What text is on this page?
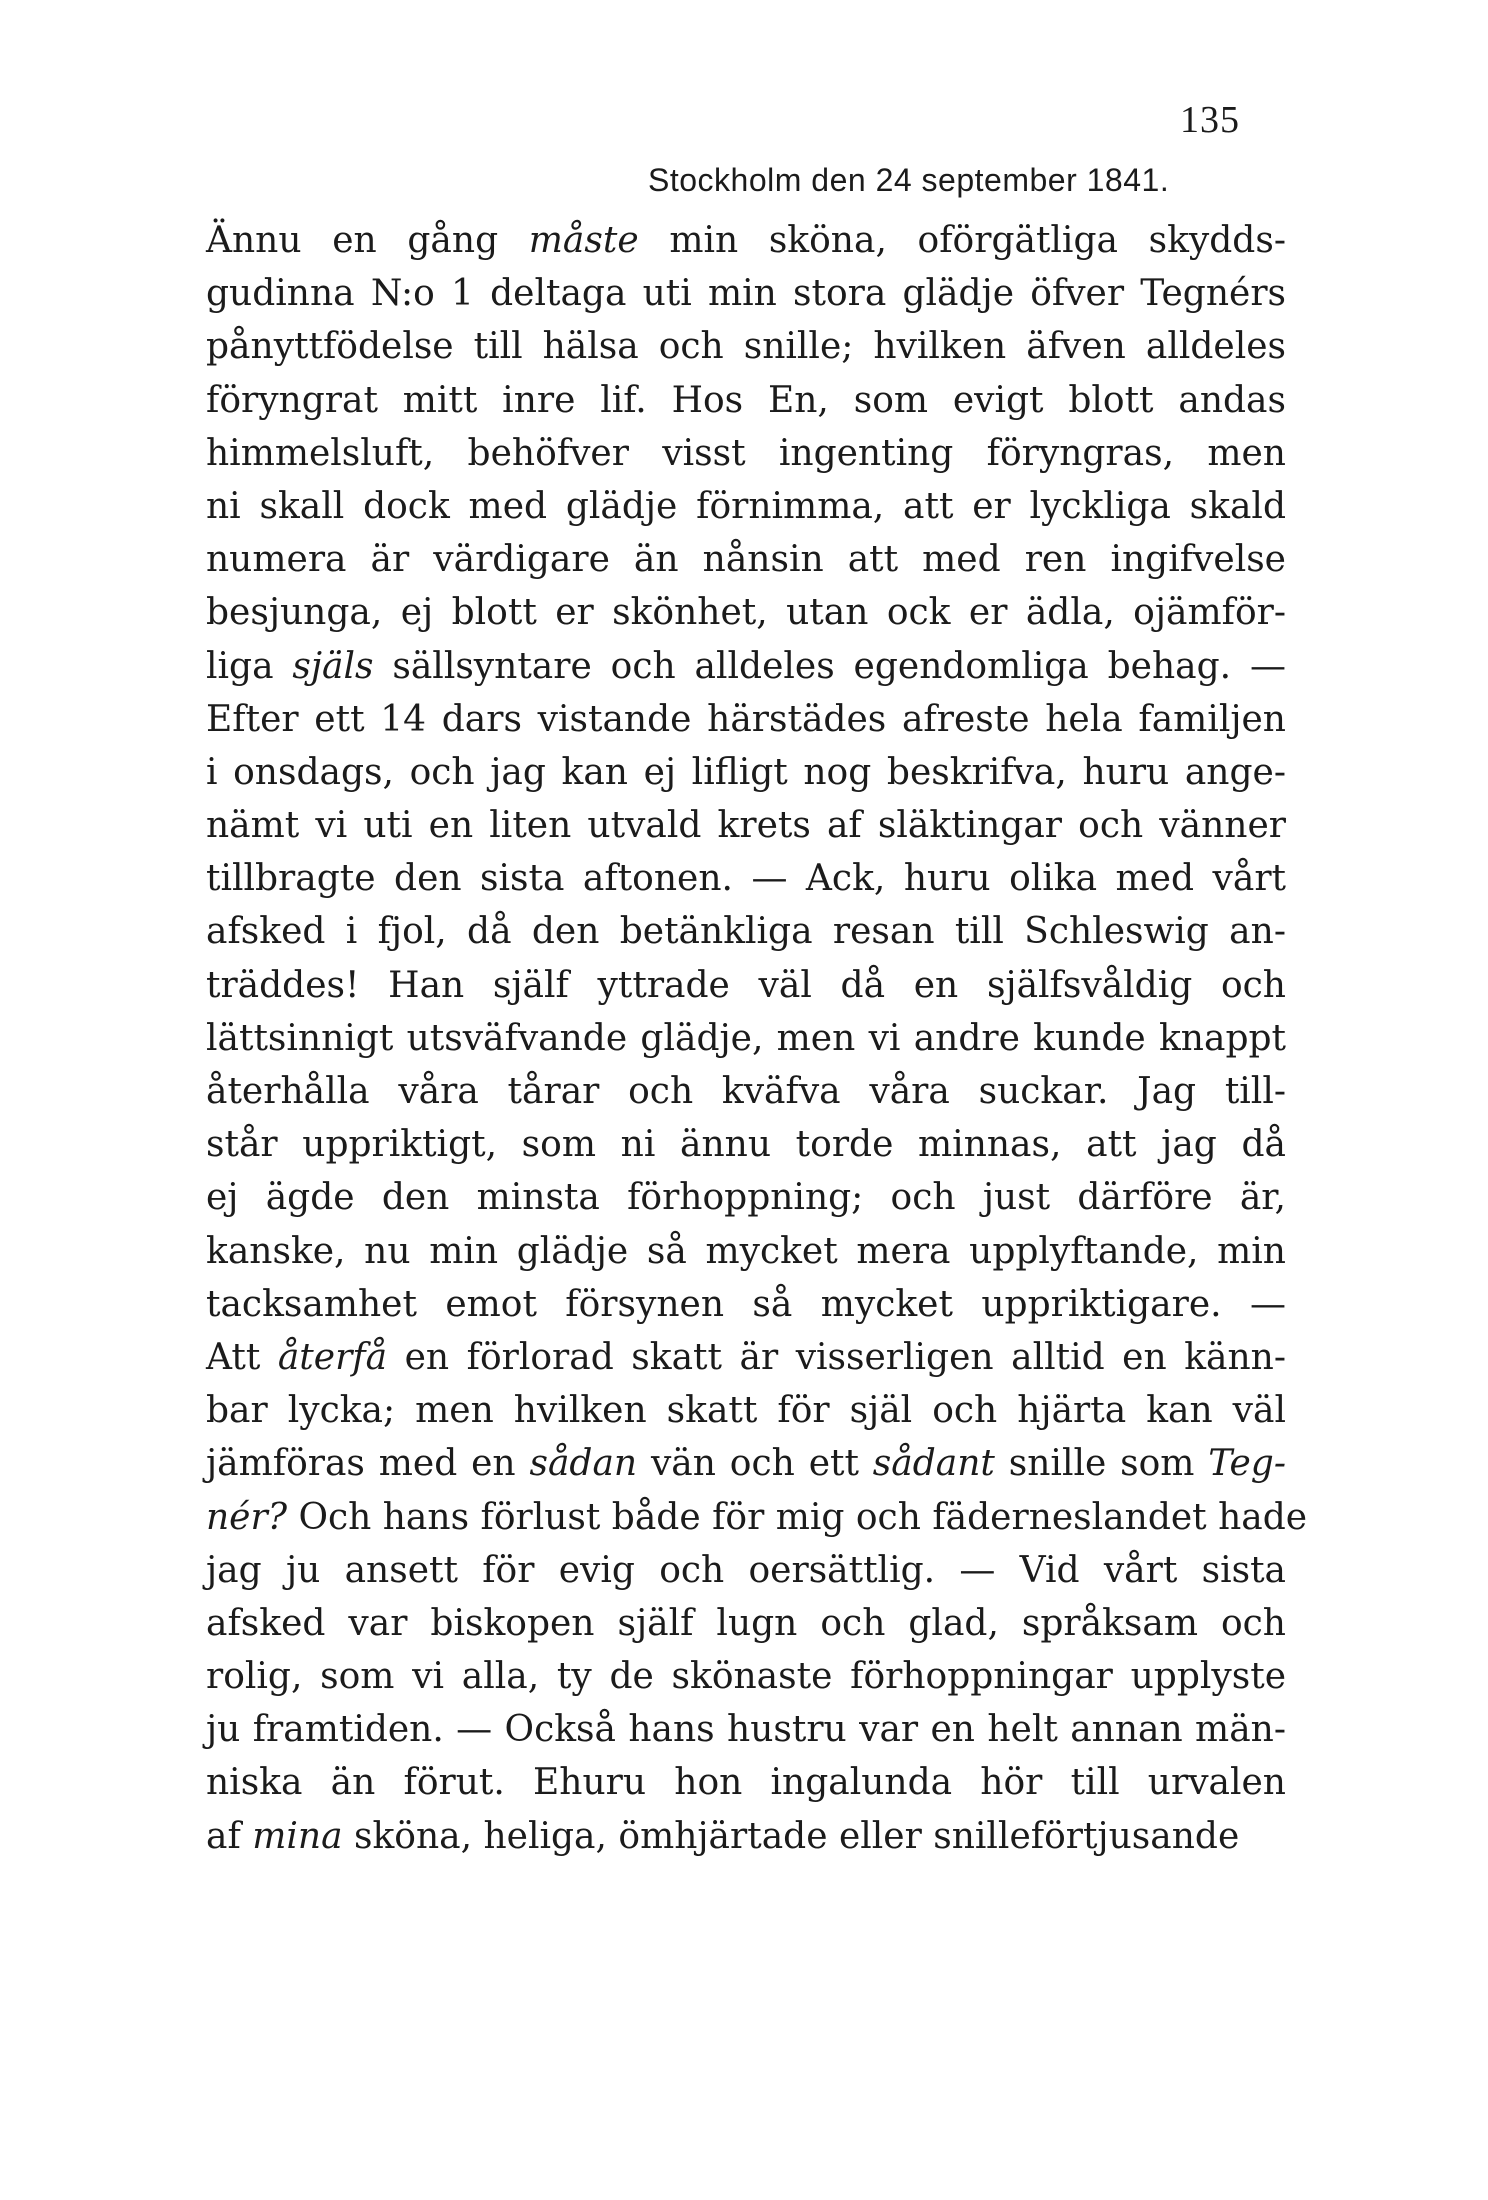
135
Stockholm den 24 september 1841.
Ännu en gång måste min sköna, oförgätliga skydds-
gudinna N:o 1 deltaga uti min stora glädje öfver Tegnérs
pånyttfödelse till hälsa och snille; hvilken äfven alldeles
föryngrat mitt inre lif. Hos En, som evigt blott andas
himmelsluft, behöfver visst ingenting föryngras, men
ni skall dock med glädje förnimma, att er lyckliga skald
numera är värdigare än nånsin att med ren ingifvelse
besjunga, ej blott er skönhet, utan ock er ädla, ojämför-
liga själs sällsyntare och alldeles egendomliga behag. —
Efter ett 14 dars vistande härstädes afreste hela familjen
i onsdags, och jag kan ej lifligt nog beskrifva, huru ange-
nämt vi uti en liten utvald krets af släktingar och vänner
tillbragte den sista aftonen. — Ack, huru olika med vårt
afsked i fjol, då den betänkliga resan till Schleswig an-
träddes! Han själf yttrade väl då en själfsvåldig och
lättsinnigt utsväfvande glädje, men vi andre kunde knappt
återhålla våra tårar och kväfva våra suckar. Jag till-
står uppriktigt, som ni ännu torde minnas, att jag då
ej ägde den minsta förhoppning; och just därföre är,
kanske, nu min glädje så mycket mera upplyftande, min
tacksamhet emot försynen så mycket uppriktigare. —
Att återfå en förlorad skatt är visserligen alltid en känn-
bar lycka; men hvilken skatt för själ och hjärta kan väl
jämföras med en sådan vän och ett sådant snille som Teg-
nér? Och hans förlust både för mig och fäderneslandet hade
jag ju ansett för evig och oersättlig. — Vid vårt sista
afsked var biskopen själf lugn och glad, språksam och
rolig, som vi alla, ty de skönaste förhoppningar upplyste
ju framtiden. — Också hans hustru var en helt annan män-
niska än förut. Ehuru hon ingalunda hör till urvalen
af mina sköna, heliga, ömhjärtade eller snilleförtjusande
